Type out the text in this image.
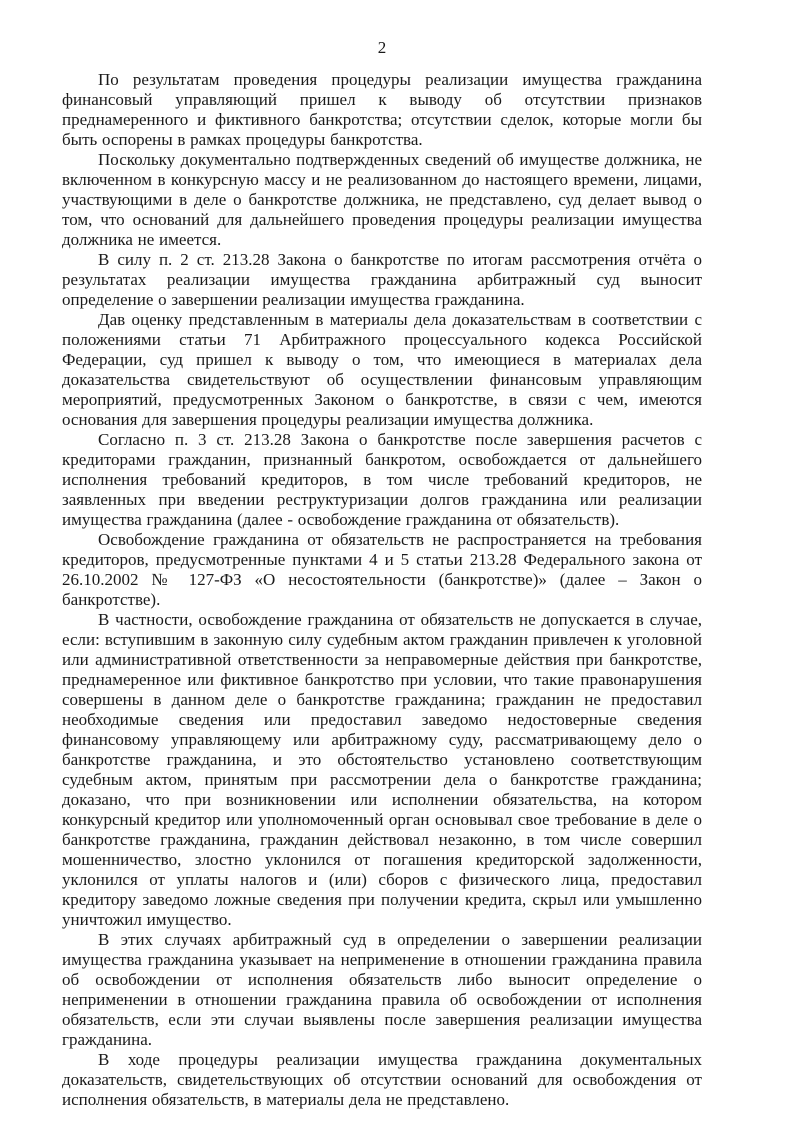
2

По результатам проведения процедуры реализации имущества гражданина финансовый управляющий пришел к выводу об отсутствии признаков преднамеренного и фиктивного банкротства; отсутствии сделок, которые могли бы быть оспорены в рамках процедуры банкротства.

Поскольку документально подтвержденных сведений об имуществе должника, не включенном в конкурсную массу и не реализованном до настоящего времени, лицами, участвующими в деле о банкротстве должника, не представлено, суд делает вывод о том, что оснований для дальнейшего проведения процедуры реализации имущества должника не имеется.

В силу п. 2 ст. 213.28 Закона о банкротстве по итогам рассмотрения отчёта о результатах реализации имущества гражданина арбитражный суд выносит определение о завершении реализации имущества гражданина.

Дав оценку представленным в материалы дела доказательствам в соответствии с положениями статьи 71 Арбитражного процессуального кодекса Российской Федерации, суд пришел к выводу о том, что имеющиеся в материалах дела доказательства свидетельствуют об осуществлении финансовым управляющим мероприятий, предусмотренных Законом о банкротстве, в связи с чем, имеются основания для завершения процедуры реализации имущества должника.

Согласно п. 3 ст. 213.28 Закона о банкротстве после завершения расчетов с кредиторами гражданин, признанный банкротом, освобождается от дальнейшего исполнения требований кредиторов, в том числе требований кредиторов, не заявленных при введении реструктуризации долгов гражданина или реализации имущества гражданина (далее - освобождение гражданина от обязательств).

Освобождение гражданина от обязательств не распространяется на требования кредиторов, предусмотренные пунктами 4 и 5 статьи 213.28 Федерального закона от 26.10.2002 № 127-ФЗ «О несостоятельности (банкротстве)» (далее – Закон о банкротстве).

В частности, освобождение гражданина от обязательств не допускается в случае, если: вступившим в законную силу судебным актом гражданин привлечен к уголовной или административной ответственности за неправомерные действия при банкротстве, преднамеренное или фиктивное банкротство при условии, что такие правонарушения совершены в данном деле о банкротстве гражданина; гражданин не предоставил необходимые сведения или предоставил заведомо недостоверные сведения финансовому управляющему или арбитражному суду, рассматривающему дело о банкротстве гражданина, и это обстоятельство установлено соответствующим судебным актом, принятым при рассмотрении дела о банкротстве гражданина; доказано, что при возникновении или исполнении обязательства, на котором конкурсный кредитор или уполномоченный орган основывал свое требование в деле о банкротстве гражданина, гражданин действовал незаконно, в том числе совершил мошенничество, злостно уклонился от погашения кредиторской задолженности, уклонился от уплаты налогов и (или) сборов с физического лица, предоставил кредитору заведомо ложные сведения при получении кредита, скрыл или умышленно уничтожил имущество.

В этих случаях арбитражный суд в определении о завершении реализации имущества гражданина указывает на неприменение в отношении гражданина правила об освобождении от исполнения обязательств либо выносит определение о неприменении в отношении гражданина правила об освобождении от исполнения обязательств, если эти случаи выявлены после завершения реализации имущества гражданина.

В ходе процедуры реализации имущества гражданина документальных доказательств, свидетельствующих об отсутствии оснований для освобождения от исполнения обязательств, в материалы дела не представлено.
